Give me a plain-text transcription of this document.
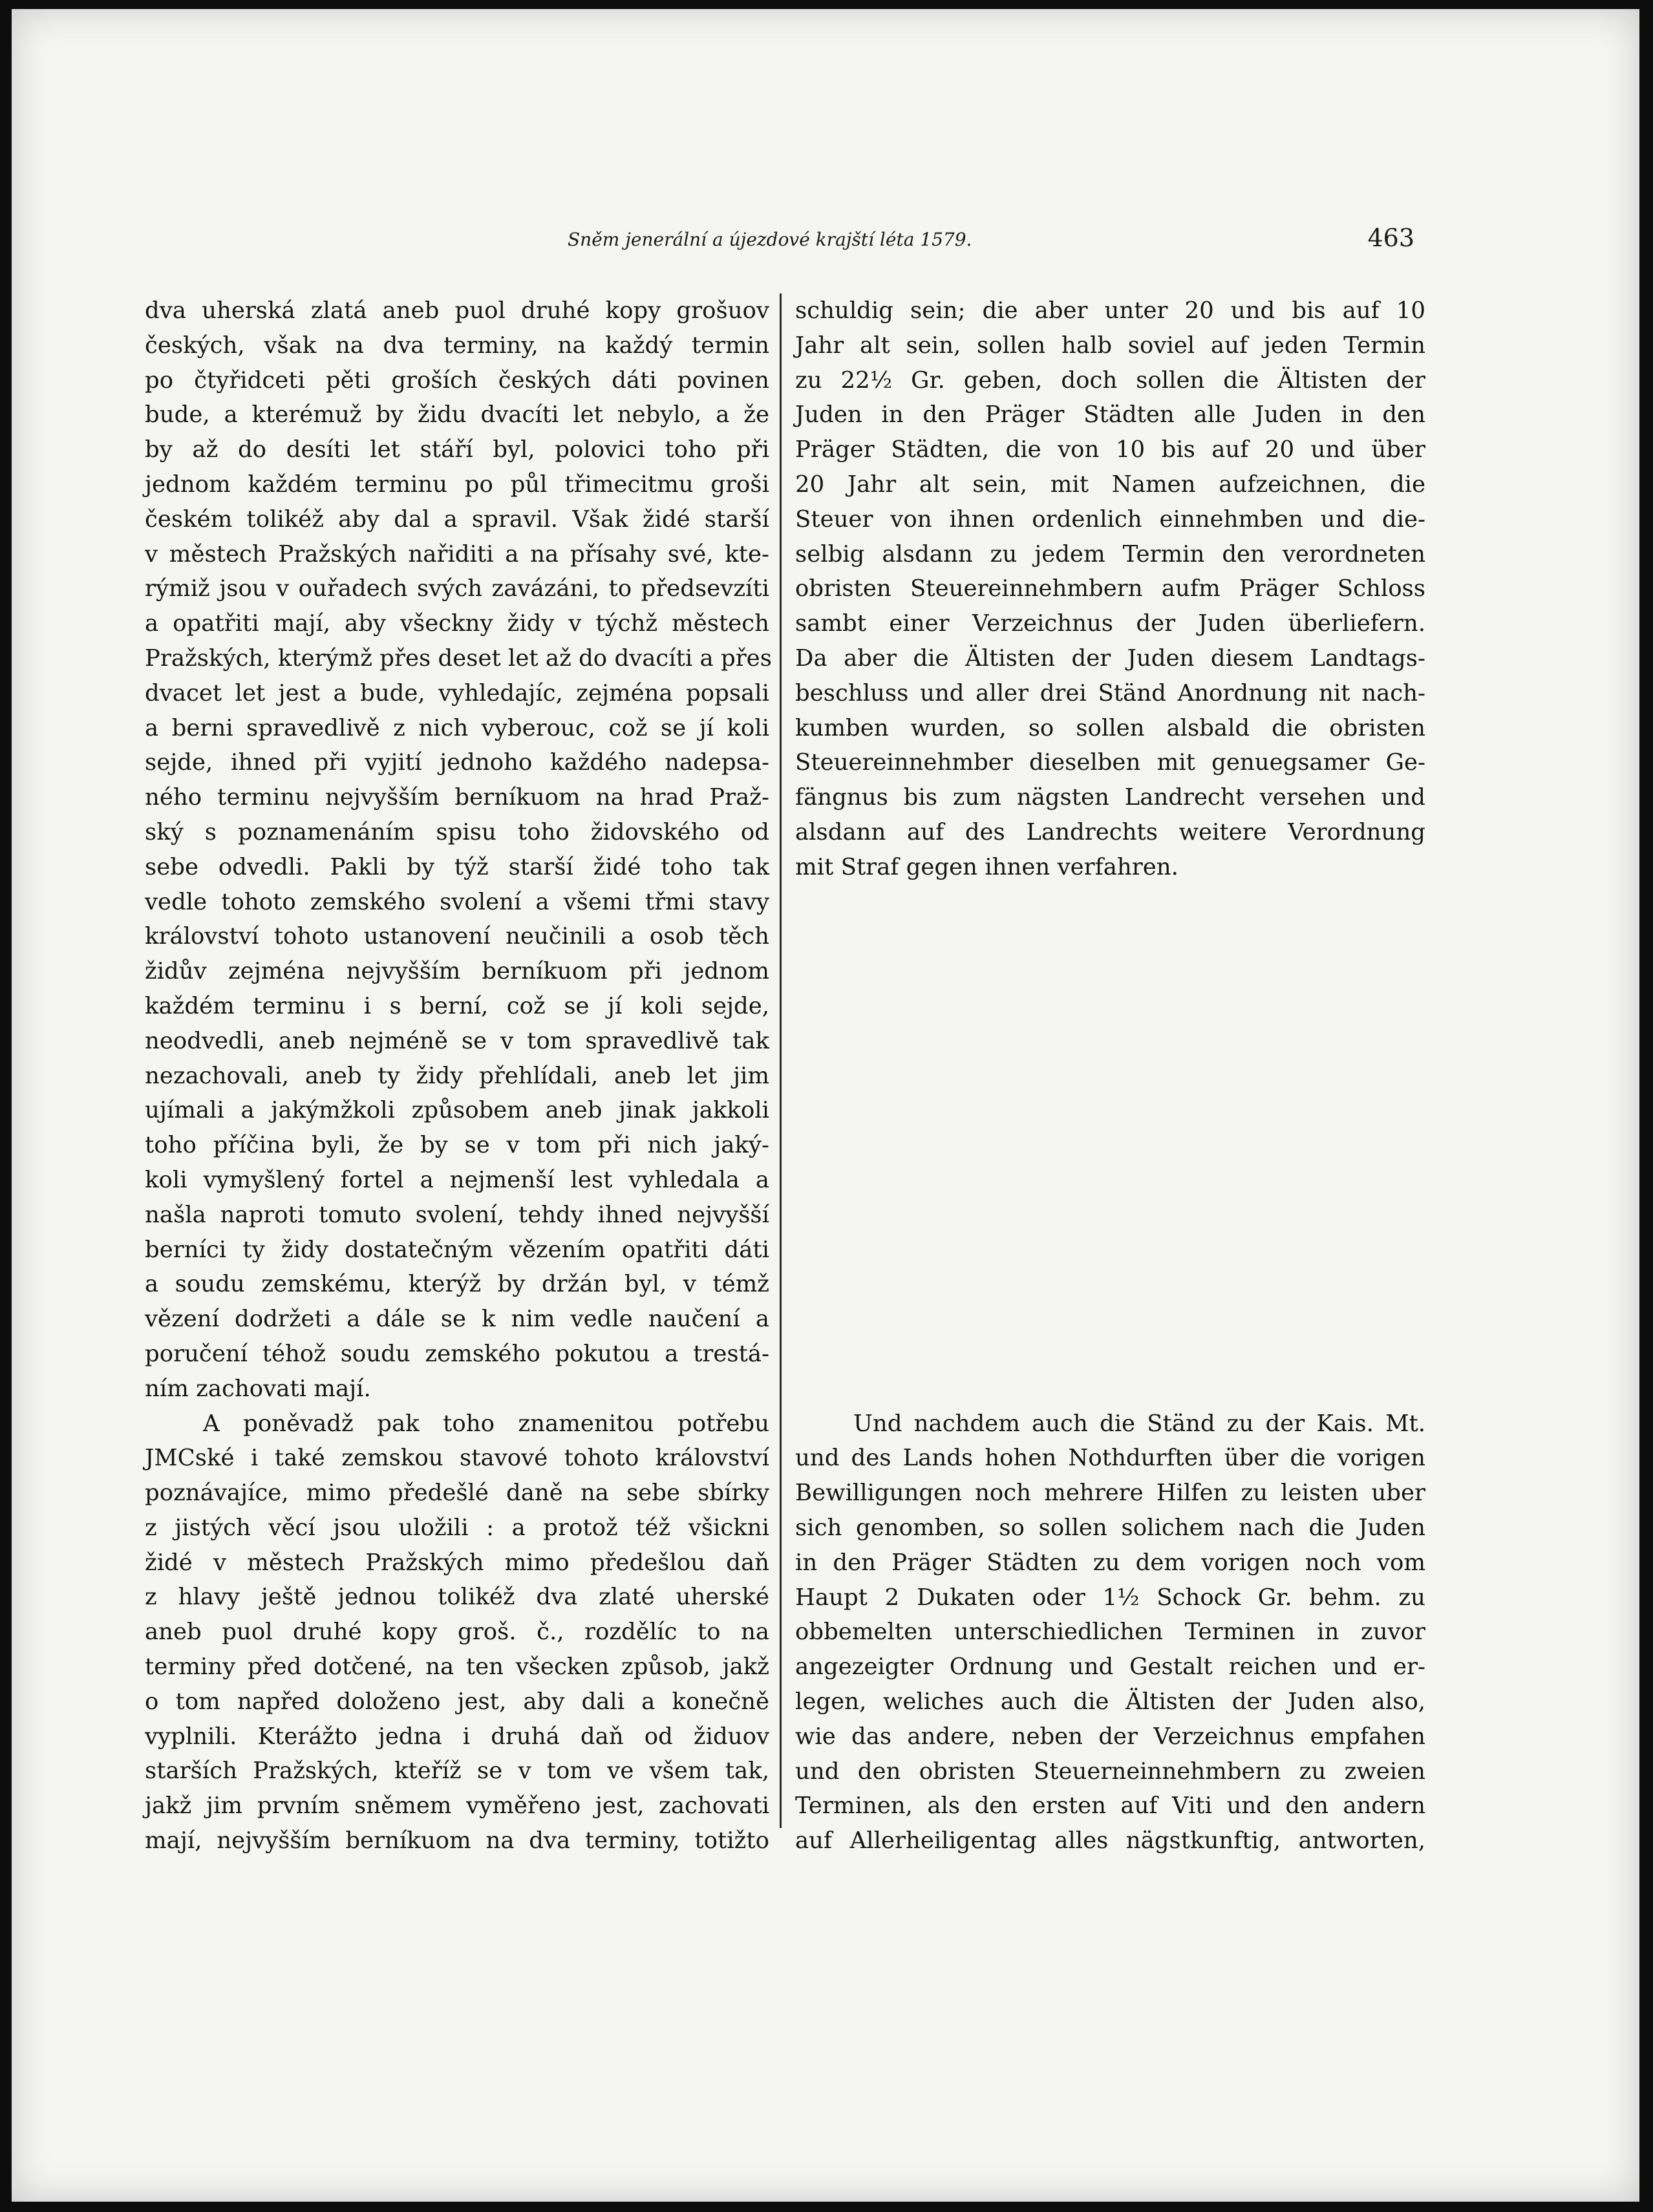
Sněm jenerální a újezdové krajští léta 1579.	463
dva uherská zlatá aneb puol druhé kopy grošuov
českých, však na dva terminy, na každý termin
po čtyřidceti pěti groších českých dáti povinen
bude, a kterémuž by židu dvacíti let nebylo, a že
by až do desíti let stáří byl, polovici toho při
jednom každém terminu po půl třimecitmu groši
českém tolikéž aby dal a spravil. Však židé starší
v městech Pražských nařiditi a na přísahy své, kte-
rýmiž jsou v ouřadech svých zavázáni, to předsevzíti
a opatřiti mají, aby všeckny židy v týchž městech
Pražských, kterýmž přes deset let až do dvacíti a přes
dvacet let jest a bude, vyhledajíc, zejména popsali
a berni spravedlivě z nich vyberouc, což se jí koli
sejde, ihned při vyjití jednoho každého nadepsa-
ného terminu nejvyšším berníkuom na hrad Praž-
ský s poznamenáním spisu toho židovského od
sebe odvedli. Pakli by týž starší židé toho tak
vedle tohoto zemského svolení a všemi třmi stavy
království tohoto ustanovení neučinili a osob těch
židův zejména nejvyšším berníkuom při jednom
každém terminu i s berní, což se jí koli sejde,
neodvedli, aneb nejméně se v tom spravedlivě tak
nezachovali, aneb ty židy přehlídali, aneb let jim
ujímali a jakýmžkoli způsobem aneb jinak jakkoli
toho příčina byli, že by se v tom při nich jaký-
koli vymyšlený fortel a nejmenší lest vyhledala a
našla naproti tomuto svolení, tehdy ihned nejvyšší
berníci ty židy dostatečným vězením opatřiti dáti
a soudu zemskému, kterýž by držán byl, v témž
vězení dodržeti a dále se k nim vedle naučení a
poručení téhož soudu zemského pokutou a trestá-
ním zachovati mají.
A poněvadž pak toho znamenitou potřebu
JMCské i také zemskou stavové tohoto království
poznávajíce, mimo předešlé daně na sebe sbírky
z jistých věcí jsou uložili : a protož též všickni
židé v městech Pražských mimo předešlou daň
z hlavy ještě jednou tolikéž dva zlaté uherské
aneb puol druhé kopy groš. č., rozdělíc to na
terminy před dotčené, na ten všecken způsob, jakž
o tom napřed doloženo jest, aby dali a konečně
vyplnili. Kterážto jedna i druhá daň od židuov
starších Pražských, kteříž se v tom ve všem tak,
jakž jim prvním sněmem vyměřeno jest, zachovati
mají, nejvyšším berníkuom na dva terminy, totižto
schuldig sein; die aber unter 20 und bis auf 10
Jahr alt sein, sollen halb soviel auf jeden Termin
zu 22½ Gr. geben, doch sollen die Ältisten der
Juden in den Präger Städten alle Juden in den
Präger Städten, die von 10 bis auf 20 und über
20 Jahr alt sein, mit Namen aufzeichnen, die
Steuer von ihnen ordenlich einnehmben und die-
selbig alsdann zu jedem Termin den verordneten
obristen Steuereinnehmbern aufm Präger Schloss
sambt einer Verzeichnus der Juden überliefern.
Da aber die Ältisten der Juden diesem Landtags-
beschluss und aller drei Ständ Anordnung nit nach-
kumben wurden, so sollen alsbald die obristen
Steuereinnehmber dieselben mit genuegsamer Ge-
fängnus bis zum nägsten Landrecht versehen und
alsdann auf des Landrechts weitere Verordnung
mit Straf gegen ihnen verfahren.
Und nachdem auch die Ständ zu der Kais. Mt.
und des Lands hohen Nothdurften über die vorigen
Bewilligungen noch mehrere Hilfen zu leisten uber
sich genomben, so sollen solichem nach die Juden
in den Präger Städten zu dem vorigen noch vom
Haupt 2 Dukaten oder 1½ Schock Gr. behm. zu
obbemelten unterschiedlichen Terminen in zuvor
angezeigter Ordnung und Gestalt reichen und er-
legen, weliches auch die Ältisten der Juden also,
wie das andere, neben der Verzeichnus empfahen
und den obristen Steuerneinnehmbern zu zweien
Terminen, als den ersten auf Viti und den andern
auf Allerheiligentag alles nägstkunftig, antworten,
